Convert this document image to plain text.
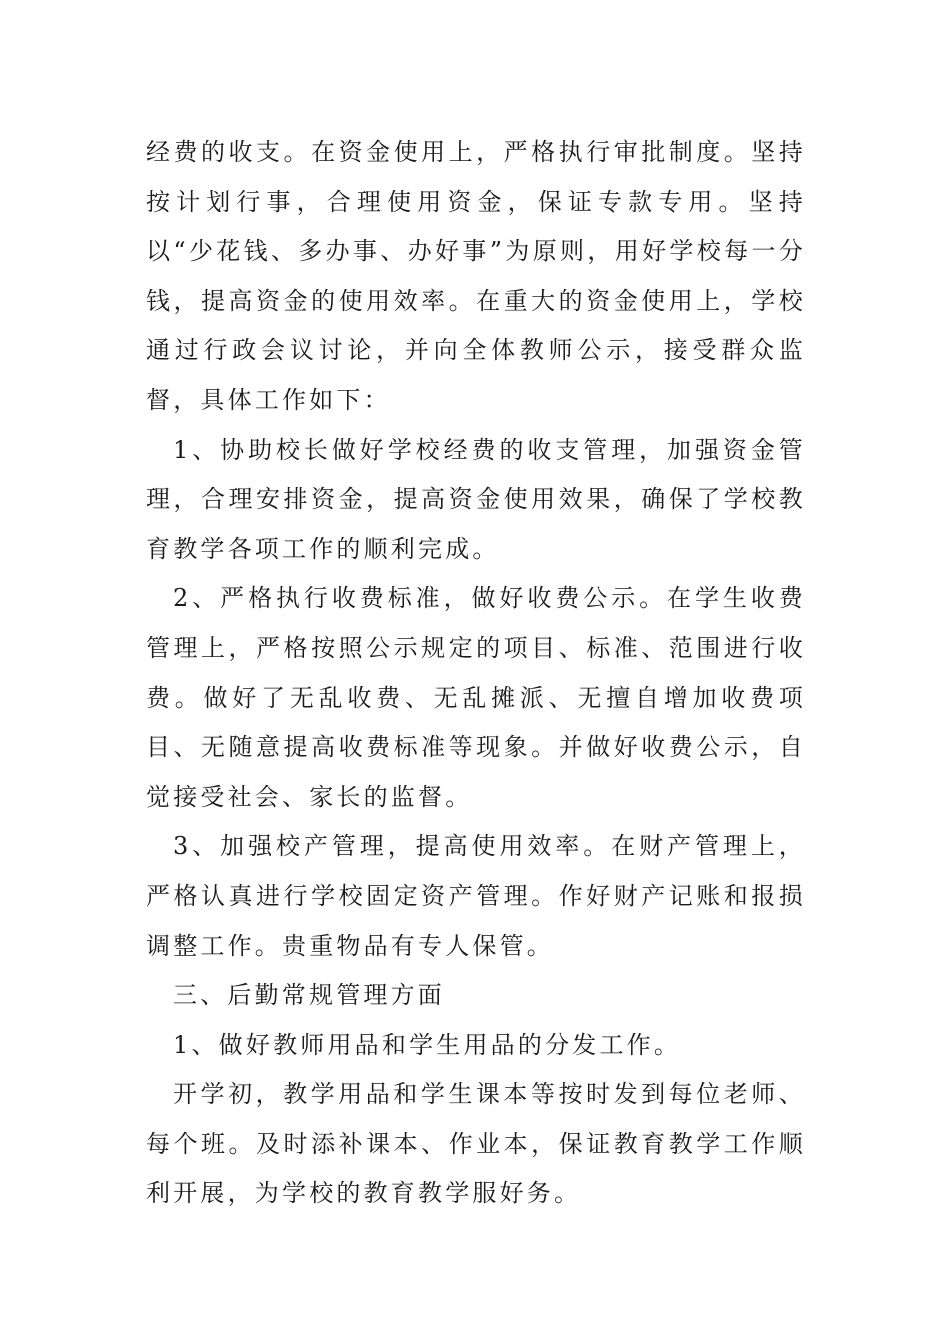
经费的收支。在资金使用上，严格执行审批制度。坚持按计划行事，合理使用资金，保证专款专用。坚持以“少花钱、多办事、办好事”为原则，用好学校每一分钱，提高资金的使用效率。在重大的资金使用上，学校通过行政会议讨论，并向全体教师公示，接受群众监督，具体工作如下：

1、协助校长做好学校经费的收支管理，加强资金管理，合理安排资金，提高资金使用效果，确保了学校教育教学各项工作的顺利完成。

2、严格执行收费标准，做好收费公示。在学生收费管理上，严格按照公示规定的项目、标准、范围进行收费。做好了无乱收费、无乱摊派、无擅自增加收费项目、无随意提高收费标准等现象。并做好收费公示，自觉接受社会、家长的监督。

3、加强校产管理，提高使用效率。在财产管理上，严格认真进行学校固定资产管理。作好财产记账和报损调整工作。贵重物品有专人保管。

三、后勤常规管理方面

1、做好教师用品和学生用品的分发工作。

开学初，教学用品和学生课本等按时发到每位老师、每个班。及时添补课本、作业本，保证教育教学工作顺利开展，为学校的教育教学服好务。
